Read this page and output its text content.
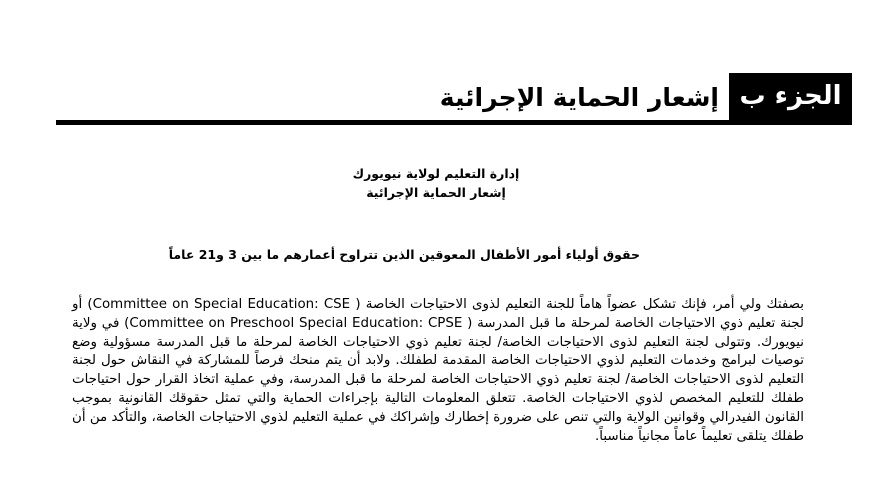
الجزء ب
إشعار الحماية الإجرائية
إدارة التعليم لولاية نيويورك
إشعار الحماية الإجرائية
حقوق أولياء أمور الأطفال المعوقين الذين تتراوح أعمارهم ما بين 3 و21 عاماً
بصفتك ولي أمر، فإنك تشكل عضواً هاماً للجنة التعليم لذوى الاحتياجات الخاصة ( Committee on Special Education: CSE) أو لجنة تعليم ذوي الاحتياجات الخاصة لمرحلة ما قبل المدرسة ( Committee on Preschool Special Education: CPSE) في ولاية نيويورك. وتتولى لجنة التعليم لذوى الاحتياجات الخاصة/ لجنة تعليم ذوي الاحتياجات الخاصة لمرحلة ما قبل المدرسة مسؤولية وضع توصيات لبرامج وخدمات التعليم لذوي الاحتياجات الخاصة المقدمة لطفلك. ولابد أن يتم منحك فرصاً للمشاركة في النقاش حول لجنة التعليم لذوى الاحتياجات الخاصة/ لجنة تعليم ذوي الاحتياجات الخاصة لمرحلة ما قبل المدرسة، وفي عملية اتخاذ القرار حول احتياجات طفلك للتعليم المخصص لذوي الاحتياجات الخاصة. تتعلق المعلومات التالية بإجراءات الحماية والتي تمثل حقوقك القانونية بموجب القانون الفيدرالي وقوانين الولاية والتي تنص على ضرورة إخطارك وإشراكك في عملية التعليم لذوي الاحتياجات الخاصة، والتأكد من أن طفلك يتلقى تعليماً عاماً مجانياً مناسباً.
